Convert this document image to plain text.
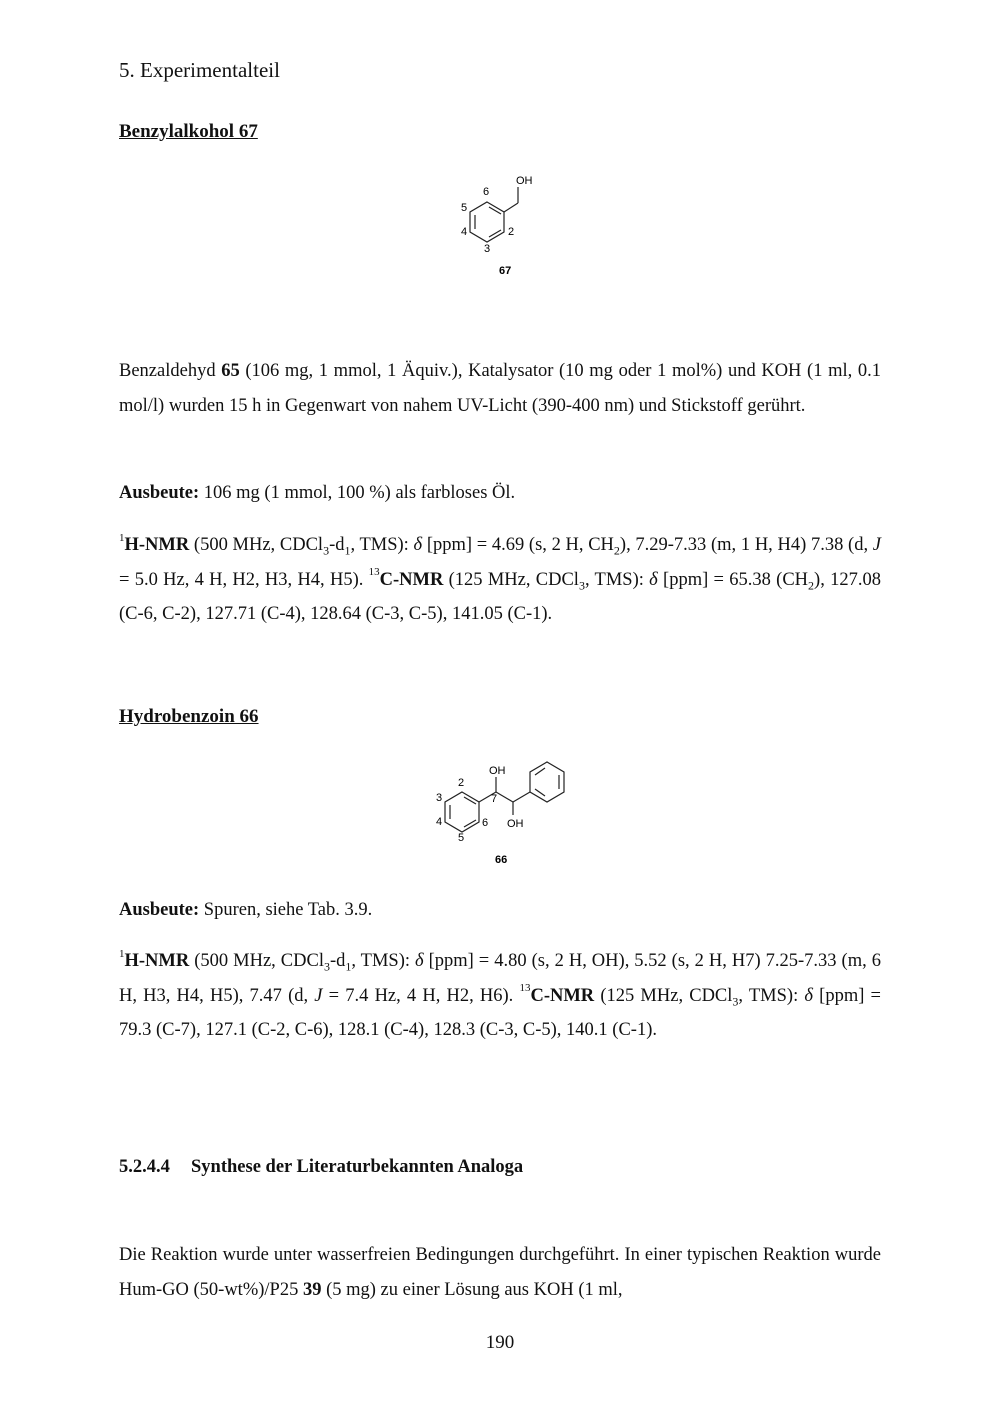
5. Experimentalteil
Benzylalkohol 67
OH
6
5
4
3
2
67
Benzaldehyd 65 (106 mg, 1 mmol, 1 Äquiv.), Katalysator (10 mg oder 1 mol%) und KOH (1 ml, 0.1 mol/l) wurden 15 h in Gegenwart von nahem UV-Licht (390-400 nm) und Stickstoff gerührt.
Ausbeute: 106 mg (1 mmol, 100 %) als farbloses Öl.
$^1$H-NMR (500 MHz, $CDCl_3-d_1$, TMS): δ [ppm] = 4.69 (s, 2 H, $CH_2$), 7.29-7.33 (m, 1 H, H4) 7.38 (d, J = 5.0 Hz, 4 H, H2, H3, H4, H5). $^{13}$C-NMR (125 MHz, CDCl$_3$, TMS): δ [ppm] = 65.38 $(CH_2)$, 127.08 (C-6, C-2), 127.71 (C-4), 128.64 (C-3, C-5), 141.05 (C-1).
Hydrobenzoin 66
OH
OH
7
2
3
4
5
6
66
Ausbeute: Spuren, siehe Tab. 3.9.
$^1$H-NMR (500 MHz, $CDCl_3-d_1$, TMS): δ [ppm] = 4.80 (s, 2 H, OH), 5.52 (s, 2 H, H7) 7.25-7.33 (m, 6 H, H3, H4, H5), 7.47 (d, J = 7.4 Hz, 4 H, H2, H6). $^{13}$C-NMR (125 MHz, CDCl$_3$, TMS): δ [ppm] = 79.3 (C-7), 127.1 (C-2, C-6), 128.1 (C-4), 128.3 (C-3, C-5), 140.1 (C-1).
5.2.4.4 Synthese der Literaturbekannten Analoga
Die Reaktion wurde unter wasserfreien Bedingungen durchgeführt. In einer typischen Reaktion wurde Hum-GO (50-wt%)/P25 39 (5 mg) zu einer Lösung aus KOH (1 ml,
190
